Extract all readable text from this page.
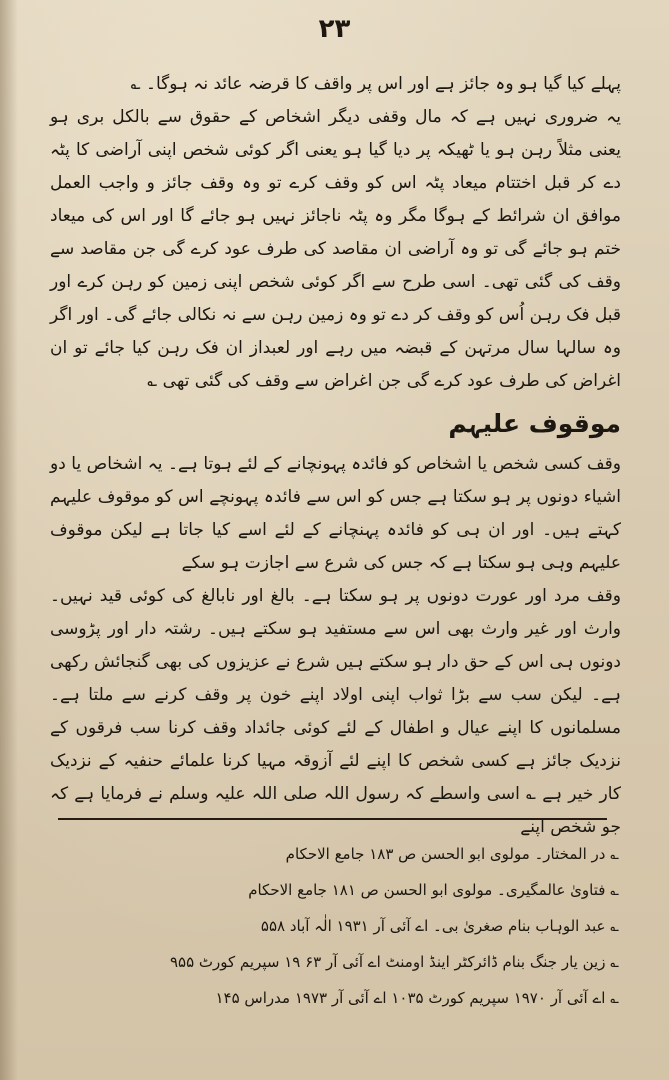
٢٣

پہلے کیا گیا ہو وہ جائز ہے اور اس پر واقف کا قرضہ عائد نہ ہوگا۔ ؎

یہ ضروری نہیں ہے کہ مال وقفی دیگر اشخاص کے حقوق سے بالکل بری ہو یعنی مثلاً رہن ہو یا ٹھیکہ پر دیا گیا ہو یعنی اگر کوئی شخص اپنی آراضی کا پٹہ دے کر قبل اختتام میعاد پٹہ اس کو وقف کرے تو وہ وقف جائز و واجب العمل موافق ان شرائط کے ہوگا مگر وہ پٹہ ناجائز نہیں ہو جائے گا اور اس کی میعاد ختم ہو جائے گی تو وہ آراضی ان مقاصد کی طرف عود کرے گی جن مقاصد سے وقف کی گئی تھی۔ اسی طرح سے اگر کوئی شخص اپنی زمین کو رہن کرے اور قبل فک رہن اُس کو وقف کر دے تو وہ زمین رہن سے نہ نکالی جائے گی۔ اور اگر وہ سالہا سال مرتہن کے قبضہ میں رہے اور لعبداز ان فک رہن کیا جائے تو ان اغراض کی طرف عود کرے گی جن اغراض سے وقف کی گئی تھی ؎

موقوف علیہم

وقف کسی شخص یا اشخاص کو فائدہ پہونچانے کے لئے ہوتا ہے۔ یہ اشخاص یا دو اشیاء دونوں پر ہو سکتا ہے جس کو اس سے فائدہ پہونچے اس کو موقوف علیہم کہتے ہیں۔ اور ان ہی کو فائدہ پہنچانے کے لئے اسے کیا جاتا ہے لیکن موقوف علیہم وہی ہو سکتا ہے کہ جس کی شرع سے اجازت ہو سکے

وقف مرد اور عورت دونوں پر ہو سکتا ہے۔ بالغ اور نابالغ کی کوئی قید نہیں۔ وارث اور غیر وارث بھی اس سے مستفید ہو سکتے ہیں۔ رشتہ دار اور پڑوسی دونوں ہی اس کے حق دار ہو سکتے ہیں شرع نے عزیزوں کی بھی گنجائش رکھی ہے۔ لیکن سب سے بڑا ثواب اپنی اولاد اپنے خون پر وقف کرنے سے ملتا ہے۔ مسلمانوں کا اپنے عیال و اطفال کے لئے کوئی جائداد وقف کرنا سب فرقوں کے نزدیک جائز ہے کسی شخص کا اپنے لئے آزوقہ مہیا کرنا علمائے حنفیہ کے نزدیک کار خیر ہے ؎ اسی واسطے کہ رسول اللہ صلی اللہ علیہ وسلم نے فرمایا ہے کہ جو شخص اپنے

؎ در المختار۔ مولوی ابو الحسن ص ۱۸۳ جامع الاحکام
؎ فتاویٰ عالمگیری۔ مولوی ابو الحسن ص ۱۸۱ جامع الاحکام
؎ عبد الوہاب بنام صغریٰ بی۔ اے آئی آر ۱۹۳۱ الٰہ آباد ۵۵۸
؎ زین یار جنگ بنام ڈائرکٹر اینڈ اومنٹ اے آئی آر ۶۳ ۱۹ سپریم کورٹ ۹۵۵
؎ اے آئی آر ۱۹۷۰ سپریم کورٹ ۱۰۳۵ اے آئی آر ۱۹۷۳ مدراس ۱۴۵
